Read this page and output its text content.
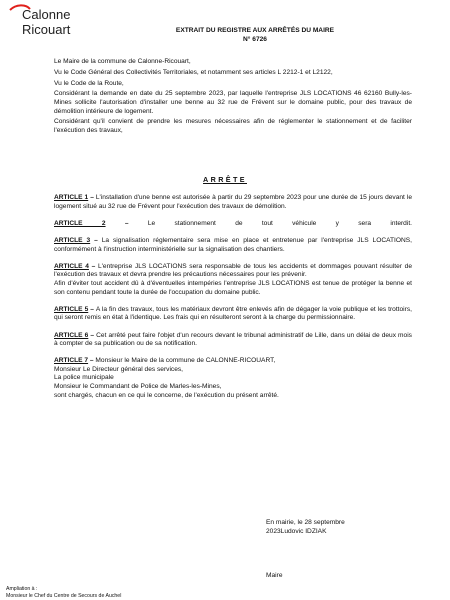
Calonne
Ricouart	EXTRAIT DU REGISTRE AUX ARRÊTÉS DU MAIRE
N° 6726

Le Maire de la commune de Calonne-Ricouart,

Vu le Code Général des Collectivités Territoriales, et notamment ses articles L 2212-1 et L2122,

Vu le Code de la Route,

Considérant la demande en date du 25 septembre 2023, par laquelle l'entreprise JLS LOCATIONS 46 62160 Bully-les-Mines sollicite l'autorisation d'installer une benne au 32 rue de Frévent sur le domaine public, pour des travaux de démolition intérieure de logement.

Considérant qu'il convient de prendre les mesures nécessaires afin de réglementer le stationnement et de faciliter l'exécution des travaux,

ARRÊTE

ARTICLE 1 – L'installation d'une benne est autorisée à partir du 29 septembre 2023 pour une durée de 15 jours devant le logement situé au 32 rue de Frévent pour l'exécution des travaux de démolition.

ARTICLE 2 – Le stationnement de tout véhicule y sera interdit.

ARTICLE 3 – La signalisation réglementaire sera mise en place et entretenue par l'entreprise JLS LOCATIONS, conformément à l'instruction interministérielle sur la signalisation des chantiers.

ARTICLE 4 – L'entreprise JLS LOCATIONS sera responsable de tous les accidents et dommages pouvant résulter de l'exécution des travaux et devra prendre les précautions nécessaires pour les prévenir.

Afin d'éviter tout accident dû à d'éventuelles intempéries l'entreprise JLS LOCATIONS est tenue de protéger la benne et son contenu pendant toute la durée de l'occupation du domaine public.

ARTICLE 5 – A la fin des travaux, tous les matériaux devront être enlevés afin de dégager la voie publique et les trottoirs, qui seront remis en état à l'identique. Les frais qui en résulteront seront à la charge du permissionnaire.

ARTICLE 6 – Cet arrêté peut faire l'objet d'un recours devant le tribunal administratif de Lille, dans un délai de deux mois à compter de sa publication ou de sa notification.

ARTICLE 7 – Monsieur le Maire de la commune de CALONNE-RICOUART,

Monsieur Le Directeur général des services,

La police municipale

Monsieur le Commandant de Police de Marles-les-Mines,

sont chargés, chacun en ce qui le concerne, de l'exécution du présent arrêté.

En mairie, le 28 septembre
2023Ludovic IDZIAK
Maire
Ampliation à :
Monsieur le Chef du Centre de Secours de Auchel
